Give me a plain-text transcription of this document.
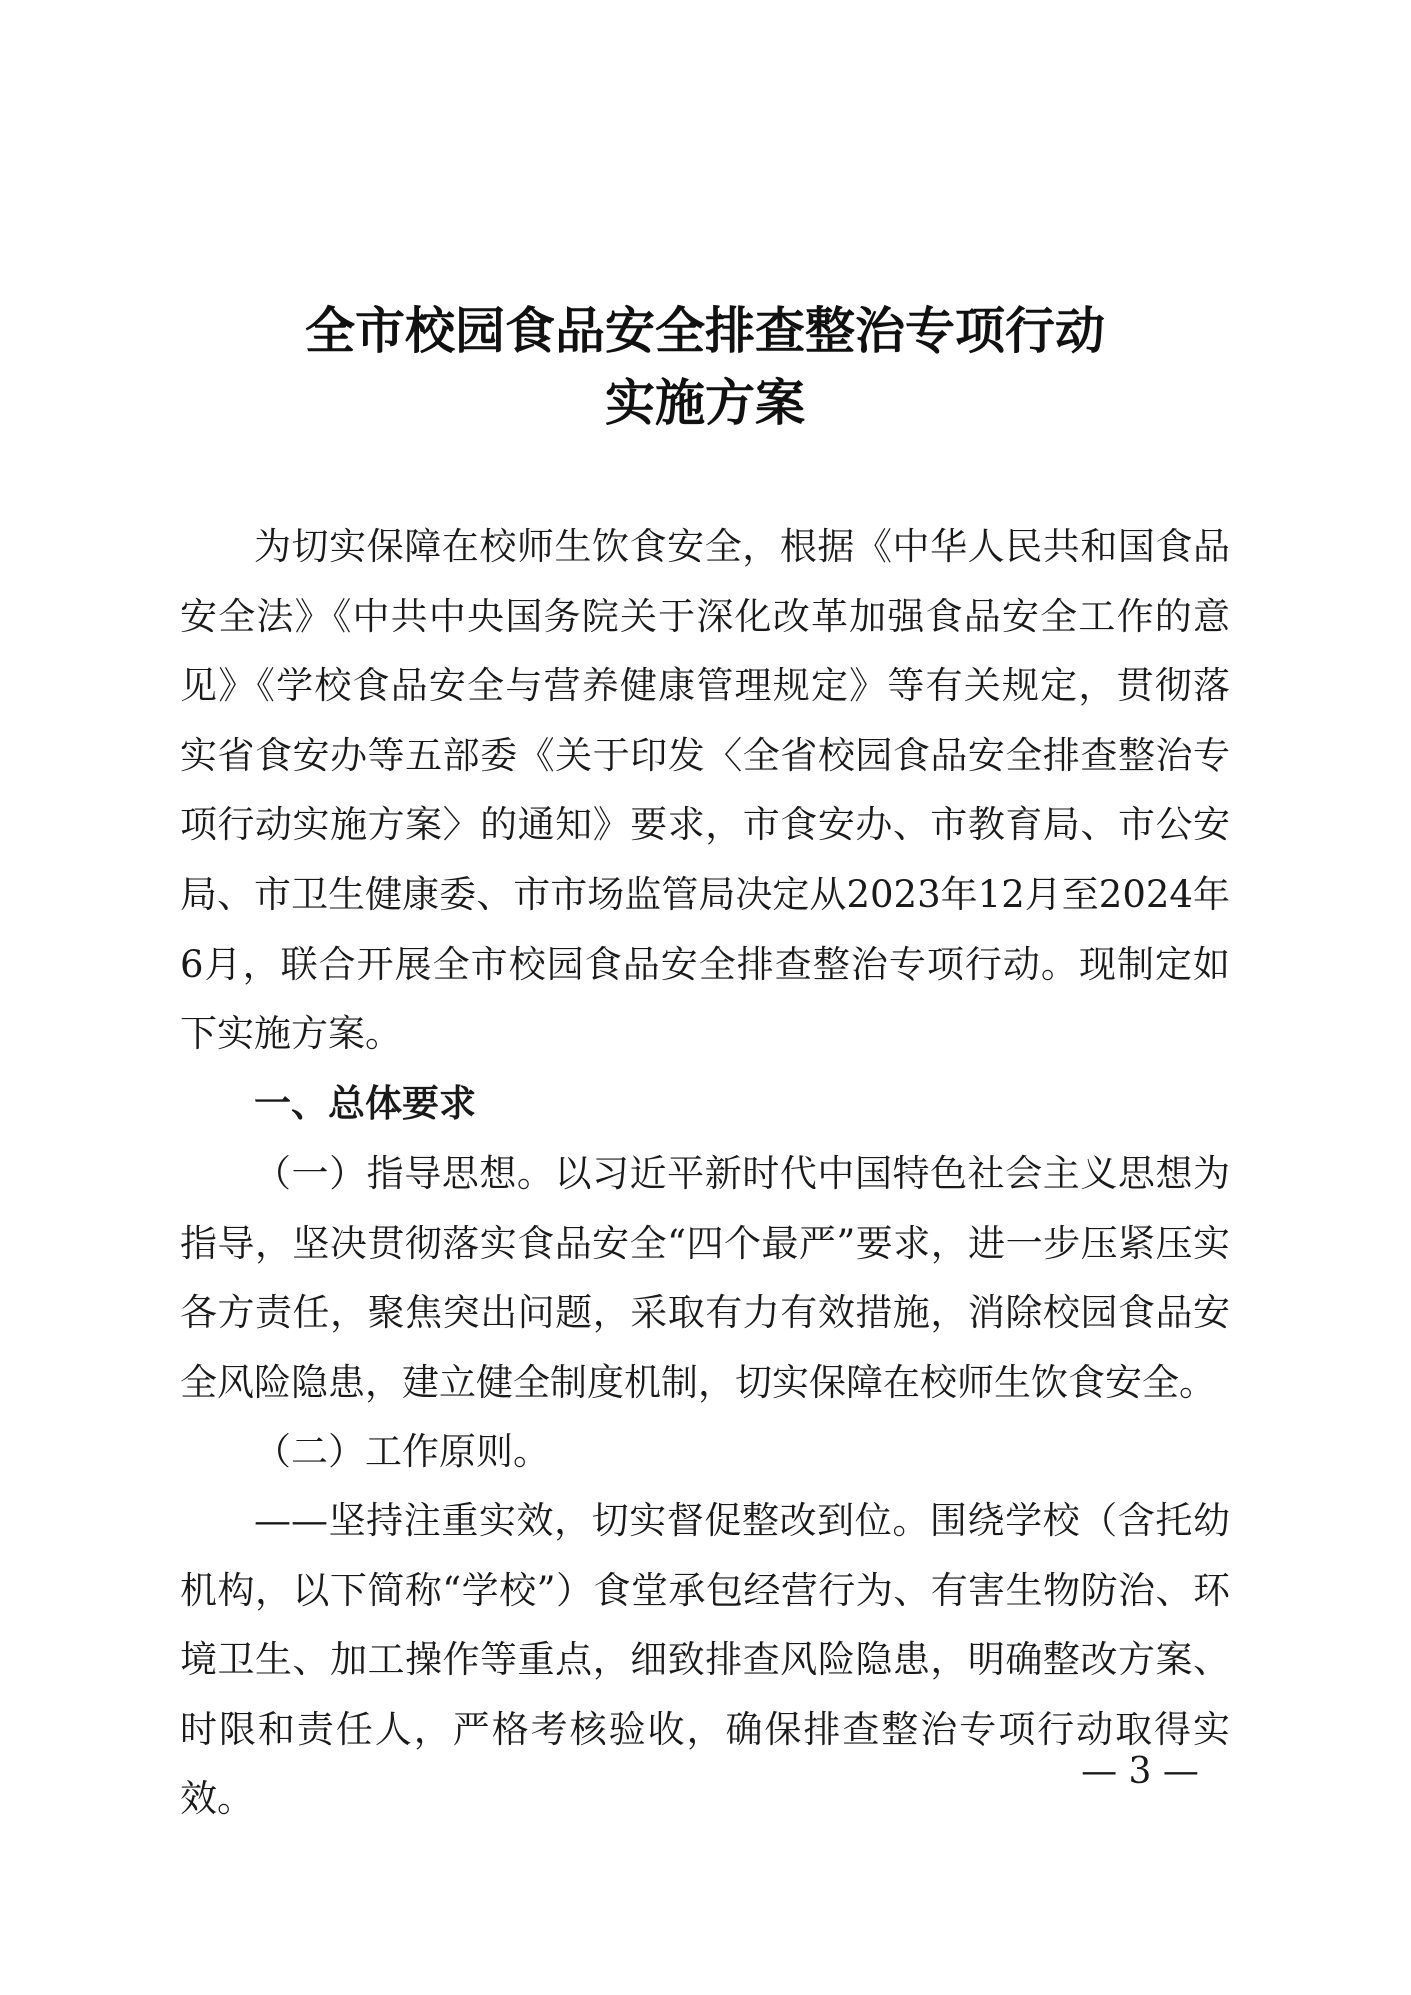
全市校园食品安全排查整治专项行动
实施方案

为切实保障在校师生饮食安全，根据《中华人民共和国食品安全法》《中共中央国务院关于深化改革加强食品安全工作的意见》《学校食品安全与营养健康管理规定》等有关规定，贯彻落实省食安办等五部委《关于印发〈全省校园食品安全排查整治专项行动实施方案〉的通知》要求，市食安办、市教育局、市公安局、市卫生健康委、市市场监管局决定从2023年12月至2024年6月，联合开展全市校园食品安全排查整治专项行动。现制定如下实施方案。

一、总体要求

（一）指导思想。以习近平新时代中国特色社会主义思想为指导，坚决贯彻落实食品安全“四个最严”要求，进一步压紧压实各方责任，聚焦突出问题，采取有力有效措施，消除校园食品安全风险隐患，建立健全制度机制，切实保障在校师生饮食安全。

（二）工作原则。

——坚持注重实效，切实督促整改到位。围绕学校（含托幼机构，以下简称“学校”）食堂承包经营行为、有害生物防治、环境卫生、加工操作等重点，细致排查风险隐患，明确整改方案、时限和责任人，严格考核验收，确保排查整治专项行动取得实效。

— 3 —
